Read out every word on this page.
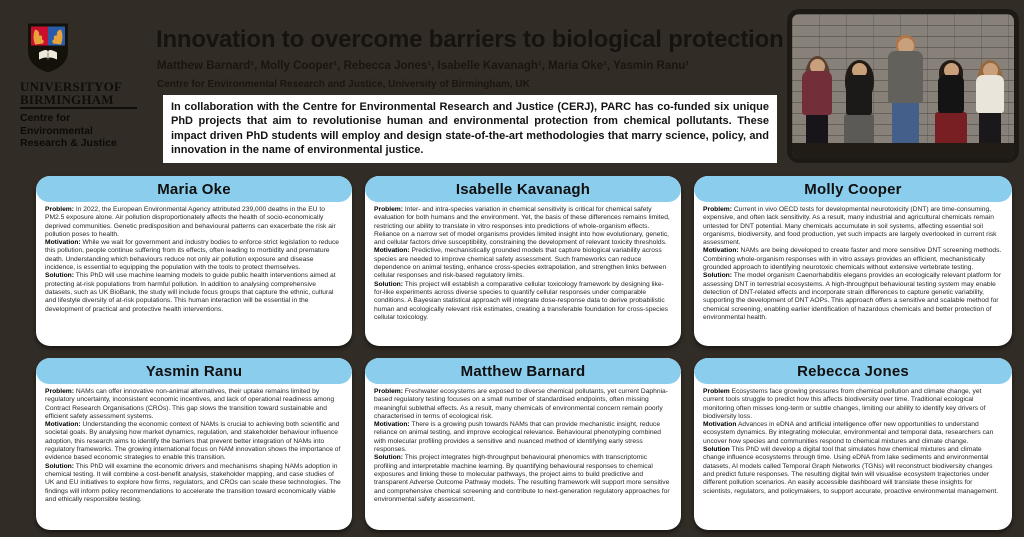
UNIVERSITYOF
BIRMINGHAM
Centre for
Environmental
Research & Justice
Innovation to overcome barriers to biological protection
Matthew Barnard¹, Molly Cooper¹, Rebecca Jones¹, Isabelle Kavanagh¹, Maria Oke¹, Yasmin Ranu¹
Centre for Environmental Research and Justice, University of Birmingham, UK
In collaboration with the Centre for Environmental Research and Justice (CERJ), PARC has co-funded six unique PhD projects that aim to revolutionise human and environmental protection from chemical pollutants. These impact driven PhD students will employ and design state-of-the-art methodologies that marry science, policy, and innovation in the name of environmental justice.
Maria Oke

Problem: In 2022, the European Environmental Agency attributed 239,000 deaths in the EU to PM2.5 exposure alone. Air pollution disproportionately affects the health of socio-economically deprived communities. Genetic predisposition and behavioural patterns can exacerbate the risk air pollution poses to health.

Motivation: While we wait for government and industry bodies to enforce strict legislation to reduce this pollution, people continue suffering from its effects, often leading to morbidity and premature death. Understanding which behaviours reduce not only air pollution exposure and disease incidence, is essential to equipping the population with the tools to protect themselves.

Solution: This PhD will use machine learning models to guide public health interventions aimed at protecting at-risk populations from harmful pollution. In addition to analysing comprehensive datasets, such as UK BioBank, the study will include focus groups that capture the ethnic, cultural and lifestyle diversity of at-risk populations. This human interaction will be essential in the development of practical and protective health interventions.

Isabelle Kavanagh

Problem: Inter- and intra-species variation in chemical sensitivity is critical for chemical safety evaluation for both humans and the environment. Yet, the basis of these differences remains limited, restricting our ability to translate in vitro responses into predictions of whole-organism effects. Reliance on a narrow set of model organisms provides limited insight into how evolutionary, genetic, and cellular factors drive susceptibility, constraining the development of relevant toxicity thresholds.

Motivation: Predictive, mechanistically grounded models that capture biological variability across species are needed to improve chemical safety assessment. Such frameworks can reduce dependence on animal testing, enhance cross-species extrapolation, and strengthen links between cellular responses and risk-based regulatory limits.

Solution: This project will establish a comparative cellular toxicology framework by designing like-for-like experiments across diverse species to quantify cellular responses under comparable conditions. A Bayesian statistical approach will integrate dose-response data to derive probabilistic human and ecologically relevant risk estimates, creating a transferable foundation for cross-species cellular toxicology.

Molly Cooper

Problem: Current in vivo OECD tests for developmental neurotoxicity (DNT) are time-consuming, expensive, and often lack sensitivity. As a result, many industrial and agricultural chemicals remain untested for DNT potential. Many chemicals accumulate in soil systems, affecting essential soil organisms, biodiversity, and food production, yet such impacts are largely overlooked in current risk assessment.

Motivation: NAMs are being developed to create faster and more sensitive DNT screening methods. Combining whole-organism responses with in vitro assays provides an efficient, mechanistically grounded approach to identifying neurotoxic chemicals without extensive vertebrate testing.

Solution: The model organism Caenorhabditis elegans provides an ecologically relevant platform for assessing DNT in terrestrial ecosystems. A high-throughput behavioural testing system may enable detection of DNT-related effects and incorporate strain differences to capture genetic variability, supporting the development of DNT AOPs. This approach offers a sensitive and scalable method for chemical screening, enabling earlier identification of hazardous chemicals and better protection of environmental health.

Yasmin Ranu

Problem: NAMs can offer innovative non-animal alternatives, their uptake remains limited by regulatory uncertainty, inconsistent economic incentives, and lack of operational readiness among Contract Research Organisations (CROs). This gap slows the transition toward sustainable and efficient safety assessment systems.

Motivation: Understanding the economic context of NAMs is crucial to achieving both scientific and societal goals. By analysing how market dynamics, regulation, and stakeholder behaviour influence adoption, this research aims to identify the barriers that prevent better integration of NAMs into regulatory frameworks. The growing international focus on NAM innovation shows the importance of evidence based economic strategies to enable this transition.

Solution: This PhD will examine the economic drivers and mechanisms shaping NAMs adoption in chemical testing. It will combine a cost-benefit analysis, stakeholder mapping, and case studies of UK and EU initiatives to explore how firms, regulators, and CROs can scale these technologies. The findings will inform policy recommendations to accelerate the transition toward economically viable and ethically responsible testing.

Matthew Barnard

Problem: Freshwater ecosystems are exposed to diverse chemical pollutants, yet current Daphnia-based regulatory testing focuses on a small number of standardised endpoints, often missing meaningful sublethal effects. As a result, many chemicals of environmental concern remain poorly characterised in terms of ecological risk.

Motivation: There is a growing push towards NAMs that can provide mechanistic insight, reduce reliance on animal testing, and improve ecological relevance. Behavioural phenotyping combined with molecular profiling provides a sensitive and nuanced method of identifying early stress responses.

Solution: This project integrates high-throughput behavioural phenomics with transcriptomic profiling and interpretable machine learning. By quantifying behavioural responses to chemical exposures and linking these to molecular pathways, the project aims to build predictive and transparent Adverse Outcome Pathway models. The resulting framework will support more sensitive and comprehensive chemical screening and contribute to next-generation regulatory approaches for environmental safety assessment.

Rebecca Jones

Problem Ecosystems face growing pressures from chemical pollution and climate change, yet current tools struggle to predict how this affects biodiversity over time. Traditional ecological monitoring often misses long-term or subtle changes, limiting our ability to identify key drivers of biodiversity loss.

Motivation Advances in eDNA and artificial intelligence offer new opportunities to understand ecosystem dynamics. By integrating molecular, environmental and temporal data, researchers can uncover how species and communities respond to chemical mixtures and climate change.

Solution This PhD will develop a digital tool that simulates how chemical mixtures and climate change influence ecosystems through time. Using eDNA from lake sediments and environmental datasets, AI models called Temporal Graph Networks (TGNs) will reconstruct biodiversity changes and predict future responses. The resulting digital twin will visualise ecosystem trajectories under different pollution scenarios. An easily accessible dashboard will translate these insights for scientists, regulators, and policymakers, to support accurate, proactive environmental management.
